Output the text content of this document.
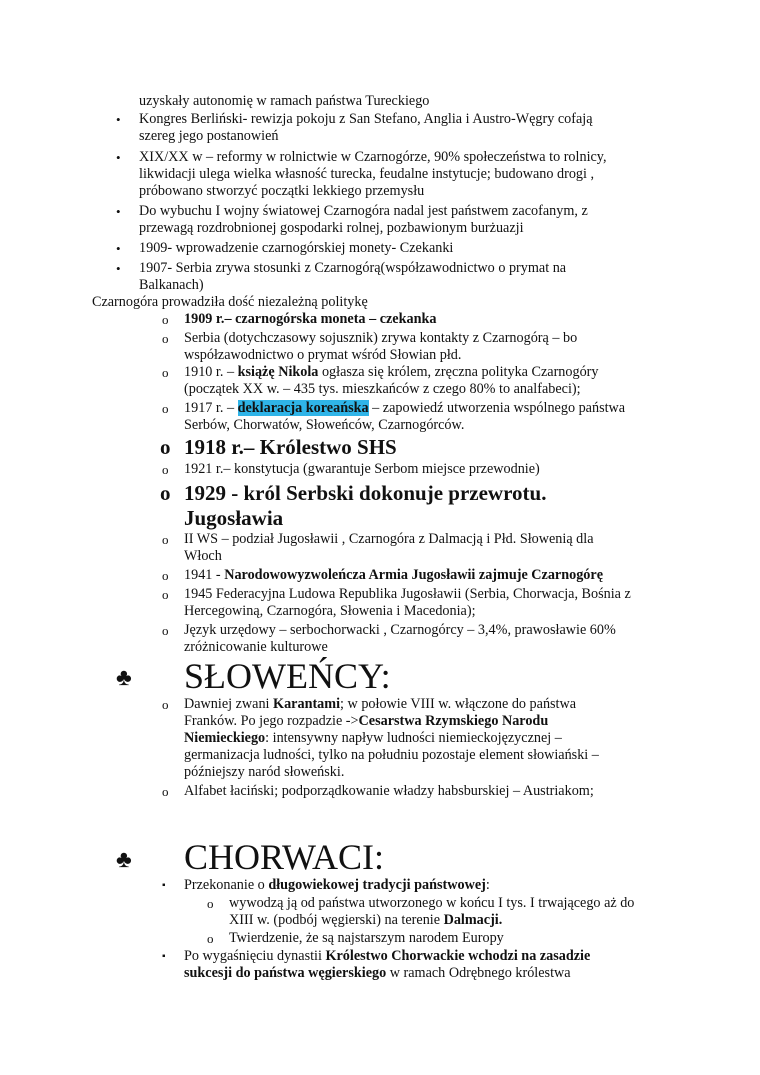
uzyskały autonomię w ramach państwa Tureckiego
• Kongres Berliński- rewizja pokoju z San Stefano, Anglia i Austro-Węgry cofają
szereg jego postanowień
• XIX/XX w – reformy w rolnictwie w Czarnogórze, 90% społeczeństwa to rolnicy,
likwidacji ulega wielka własność turecka, feudalne instytucje; budowano drogi ,
próbowano stworzyć początki lekkiego przemysłu
• Do wybuchu I wojny światowej Czarnogóra nadal jest państwem zacofanym, z
przewagą rozdrobnionej gospodarki rolnej, pozbawionym burżuazji
• 1909- wprowadzenie czarnogórskiej monety- Czekanki
• 1907- Serbia zrywa stosunki z Czarnogórą(współzawodnictwo o prymat na
Balkanach)
Czarnogóra prowadziła dość niezależną politykę
o 1909 r.– czarnogórska moneta – czekanka
o Serbia (dotychczasowy sojusznik) zrywa kontakty z Czarnogórą – bo
współzawodnictwo o prymat wśród Słowian płd.
o 1910 r. – książę Nikola ogłasza się królem, zręczna polityka Czarnogóry
(początek XX w. – 435 tys. mieszkańców z czego 80% to analfabeci);
o 1917 r. – deklaracja koreańska – zapowiedź utworzenia wspólnego państwa
Serbów, Chorwatów, Słoweńców, Czarnogórców.
o 1918 r.– Królestwo SHS
o 1921 r.– konstytucja (gwarantuje Serbom miejsce przewodnie)
o 1929 - król Serbski dokonuje przewrotu.
Jugosławia
o II WS – podział Jugosławii , Czarnogóra z Dalmacją i Płd. Słowenią dla
Włoch
o 1941 - Narodowowyzwoleńcza Armia Jugosławii zajmuje Czarnogórę
o 1945 Federacyjna Ludowa Republika Jugosławii (Serbia, Chorwacja, Bośnia z
Hercegowiną, Czarnogóra, Słowenia i Macedonia);
o Język urzędowy – serbochorwacki , Czarnogórcy – 3,4%, prawosławie 60%
zróżnicowanie kulturowe
♣ SŁOWEŃCY:
o Dawniej zwani Karantami; w połowie VIII w. włączone do państwa
Franków. Po jego rozpadzie ->Cesarstwa Rzymskiego Narodu
Niemieckiego: intensywny napływ ludności niemieckojęzycznej –
germanizacja ludności, tylko na południu pozostaje element słowiański –
późniejszy naród słoweński.
o Alfabet łaciński; podporządkowanie władzy habsburskiej – Austriakom;
♣ CHORWACI:
▪ Przekonanie o długowiekowej tradycji państwowej:
o wywodzą ją od państwa utworzonego w końcu I tys. I trwającego aż do
XIII w. (podbój węgierski) na terenie Dalmacji.
o Twierdzenie, że są najstarszym narodem Europy
▪ Po wygaśnięciu dynastii Królestwo Chorwackie wchodzi na zasadzie
sukcesji do państwa węgierskiego w ramach Odrębnego królestwa
